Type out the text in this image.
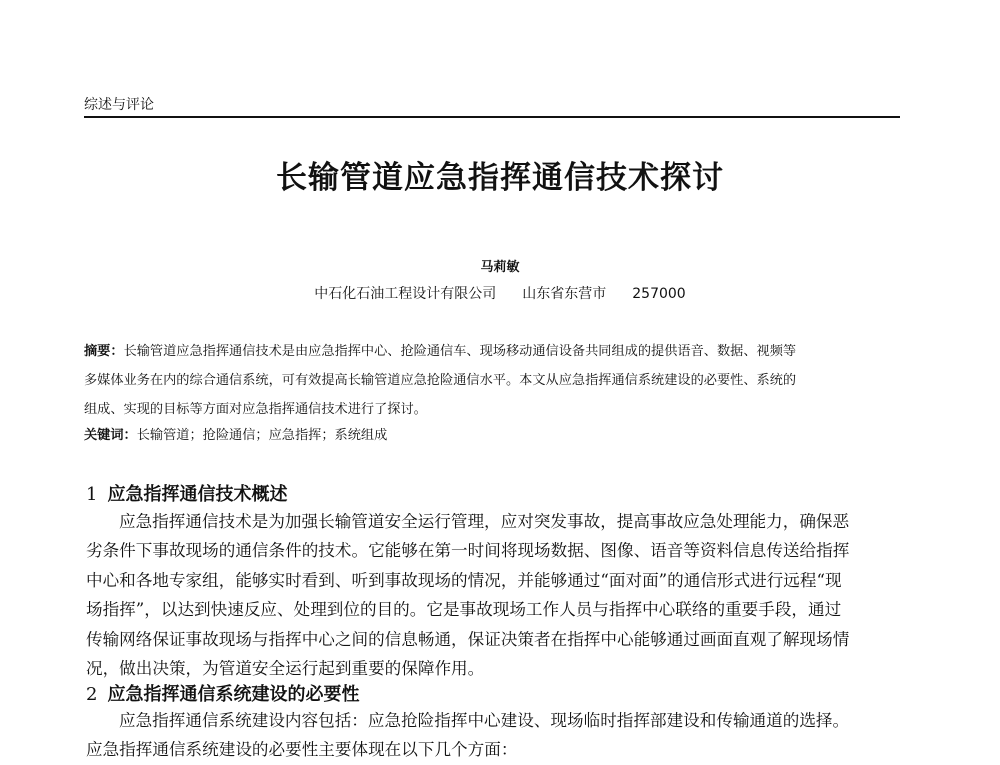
综述与评论
长输管道应急指挥通信技术探讨
马莉敏
中石化石油工程设计有限公司 山东省东营市 257000
摘要：长输管道应急指挥通信技术是由应急指挥中心、抢险通信车、现场移动通信设备共同组成的提供语音、数据、视频等
多媒体业务在内的综合通信系统，可有效提高长输管道应急抢险通信水平。本文从应急指挥通信系统建设的必要性、系统的
组成、实现的目标等方面对应急指挥通信技术进行了探讨。
关键词：长输管道；抢险通信；应急指挥；系统组成
1 应急指挥通信技术概述
应急指挥通信技术是为加强长输管道安全运行管理，应对突发事故，提高事故应急处理能力，确保恶
劣条件下事故现场的通信条件的技术。它能够在第一时间将现场数据、图像、语音等资料信息传送给指挥
中心和各地专家组，能够实时看到、听到事故现场的情况，并能够通过“面对面”的通信形式进行远程“现
场指挥”，以达到快速反应、处理到位的目的。它是事故现场工作人员与指挥中心联络的重要手段，通过
传输网络保证事故现场与指挥中心之间的信息畅通，保证决策者在指挥中心能够通过画面直观了解现场情
况，做出决策，为管道安全运行起到重要的保障作用。
2 应急指挥通信系统建设的必要性
应急指挥通信系统建设内容包括：应急抢险指挥中心建设、现场临时指挥部建设和传输通道的选择。
应急指挥通信系统建设的必要性主要体现在以下几个方面：
